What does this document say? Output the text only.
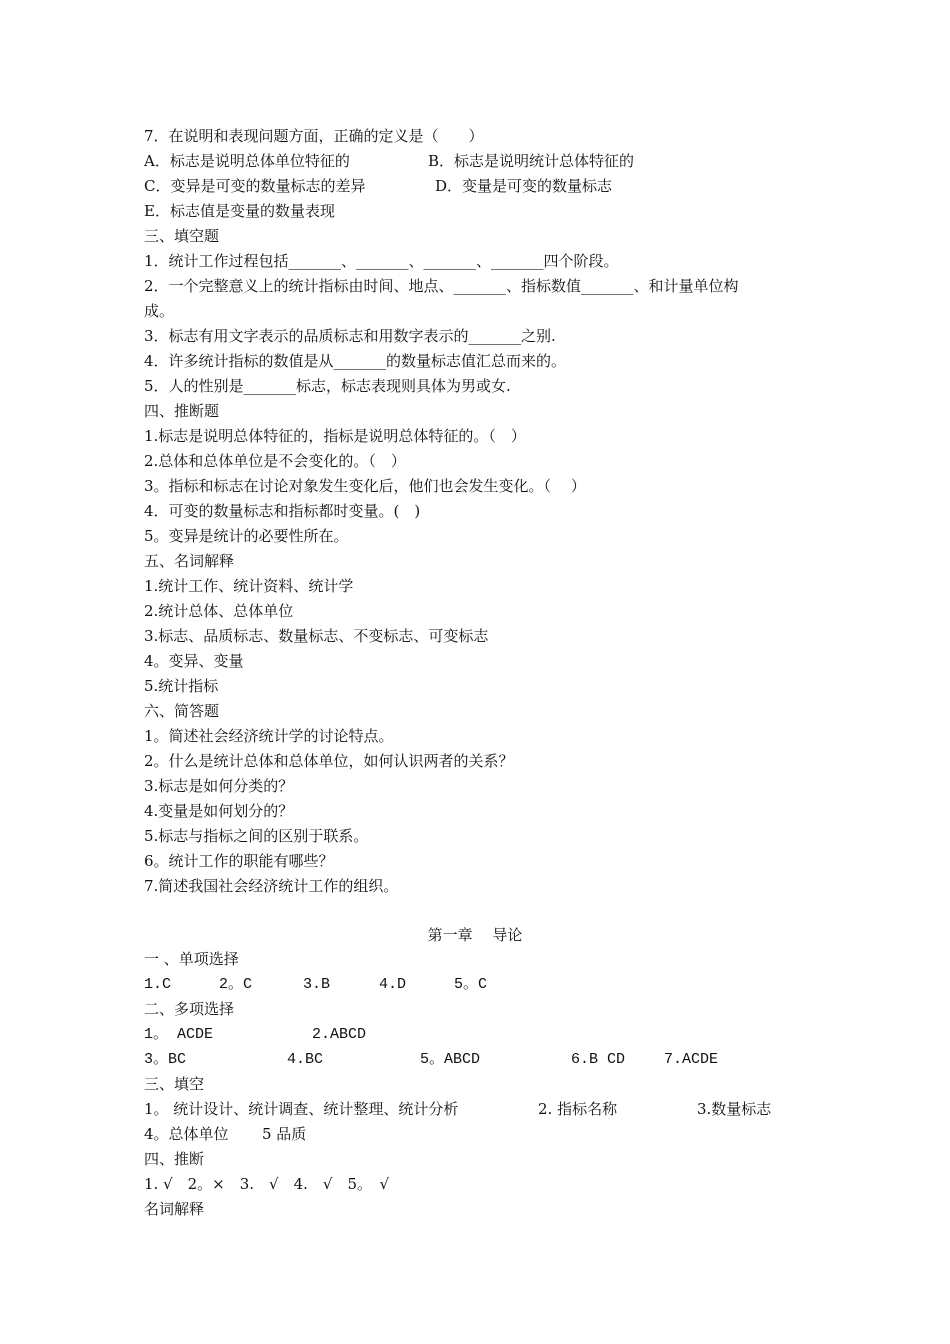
7．在说明和表现问题方面，正确的定义是（　　）
A．标志是说明总体单位特征的	B．标志是说明统计总体特征的
C．变异是可变的数量标志的差异	D．变量是可变的数量标志
E．标志值是变量的数量表现
三、填空题
1．统计工作过程包括_______、_______、_______、_______四个阶段。
2．一个完整意义上的统计指标由时间、地点、_______、指标数值_______、和计量单位构
成。
3．标志有用文字表示的品质标志和用数字表示的_______之别.
4．许多统计指标的数值是从_______的数量标志值汇总而来的。
5．人的性别是_______标志，标志表现则具体为男或女.
四、推断题
1.标志是说明总体特征的，指标是说明总体特征的。（　）
2.总体和总体单位是不会变化的。（　）
3。指标和标志在讨论对象发生变化后，他们也会发生变化。（　 ）
4．可变的数量标志和指标都时变量。(　)
5。变异是统计的必要性所在。
五、名词解释
1.统计工作、统计资料、统计学
2.统计总体、总体单位
3.标志、品质标志、数量标志、不变标志、可变标志
4。变异、变量
5.统计指标
六、简答题
1。简述社会经济统计学的讨论特点。
2。什么是统计总体和总体单位，如何认识两者的关系？
3.标志是如何分类的？
4.变量是如何划分的？
5.标志与指标之间的区别于联系。
6。统计工作的职能有哪些？
7.简述我国社会经济统计工作的组织。
第一章　 导论
一 、单项选择
1.C	2。C	3.B	4.D	5。C
二、多项选择
1。 ACDE	2.ABCD
3。BC	4.BC	5。ABCD	6.B CD	7.ACDE
三、填空
1。 统计设计、统计调查、统计整理、统计分析	2. 指标名称	3.数量标志
4。总体单位 5 品质
四、推断
1. √　2。×　3.　√　4.　√　5。　√
名词解释
